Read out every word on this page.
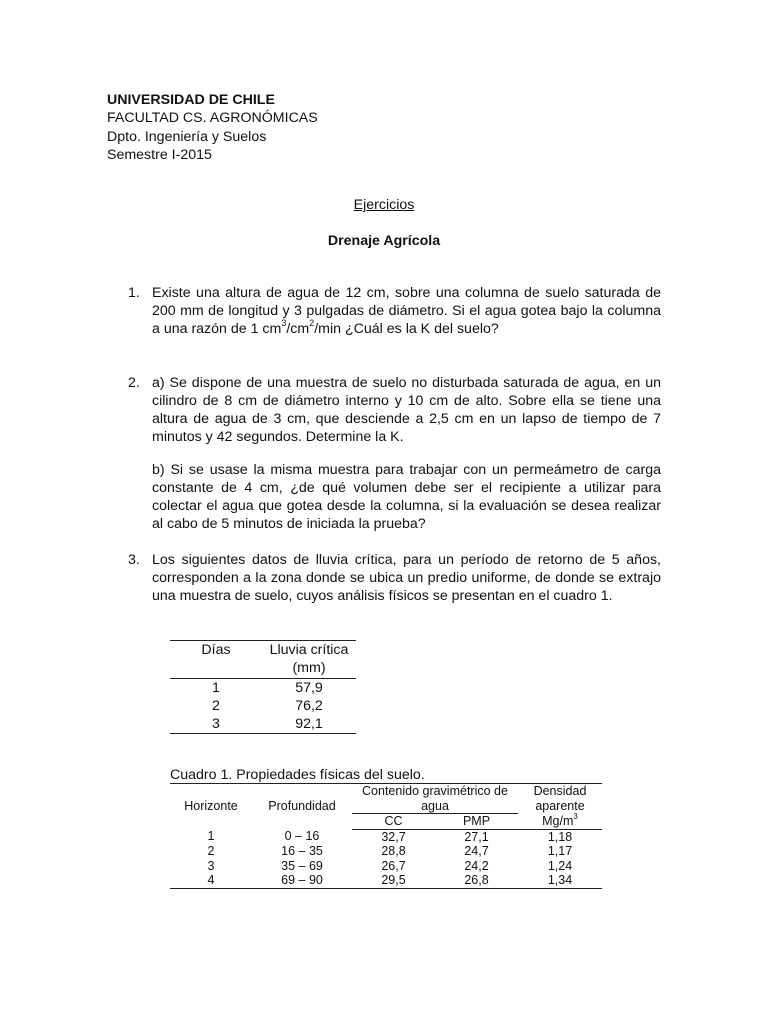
UNIVERSIDAD DE CHILE
FACULTAD CS. AGRONÓMICAS
Dpto. Ingeniería y Suelos
Semestre I-2015
Ejercicios
Drenaje Agrícola
1. Existe una altura de agua de 12 cm, sobre una columna de suelo saturada de 200 mm de longitud y 3 pulgadas de diámetro. Si el agua gotea bajo la columna a una razón de 1 $cm^3/cm^2/\min$ ¿Cuál es la K del suelo?
2. a) Se dispone de una muestra de suelo no disturbada saturada de agua, en un cilindro de 8 cm de diámetro interno y 10 cm de alto. Sobre ella se tiene una altura de agua de 3 cm, que desciende a 2,5 cm en un lapso de tiempo de 7 minutos y 42 segundos. Determine la K.
b) Si se usase la misma muestra para trabajar con un permeámetro de carga constante de 4 cm, ¿de qué volumen debe ser el recipiente a utilizar para colectar el agua que gotea desde la columna, si la evaluación se desea realizar al cabo de 5 minutos de iniciada la prueba?
3. Los siguientes datos de lluvia crítica, para un período de retorno de 5 años, corresponden a la zona donde se ubica un predio uniforme, de donde se extrajo una muestra de suelo, cuyos análisis físicos se presentan en el cuadro 1.
Días	Lluvia crítica
	(mm)
1	57,9
2	76,2
3	92,1
Cuadro 1. Propiedades físicas del suelo.
Horizonte	Profundidad	Contenido gravimétrico de		Densidad
		agua		aparente
		CC	PMP	$Mg/m^3$
1	0 – 16	32,7	27,1	1,18
2	16 – 35	28,8	24,7	1,17
3	35 – 69	26,7	24,2	1,24
4	69 – 90	29,5	26,8	1,34
